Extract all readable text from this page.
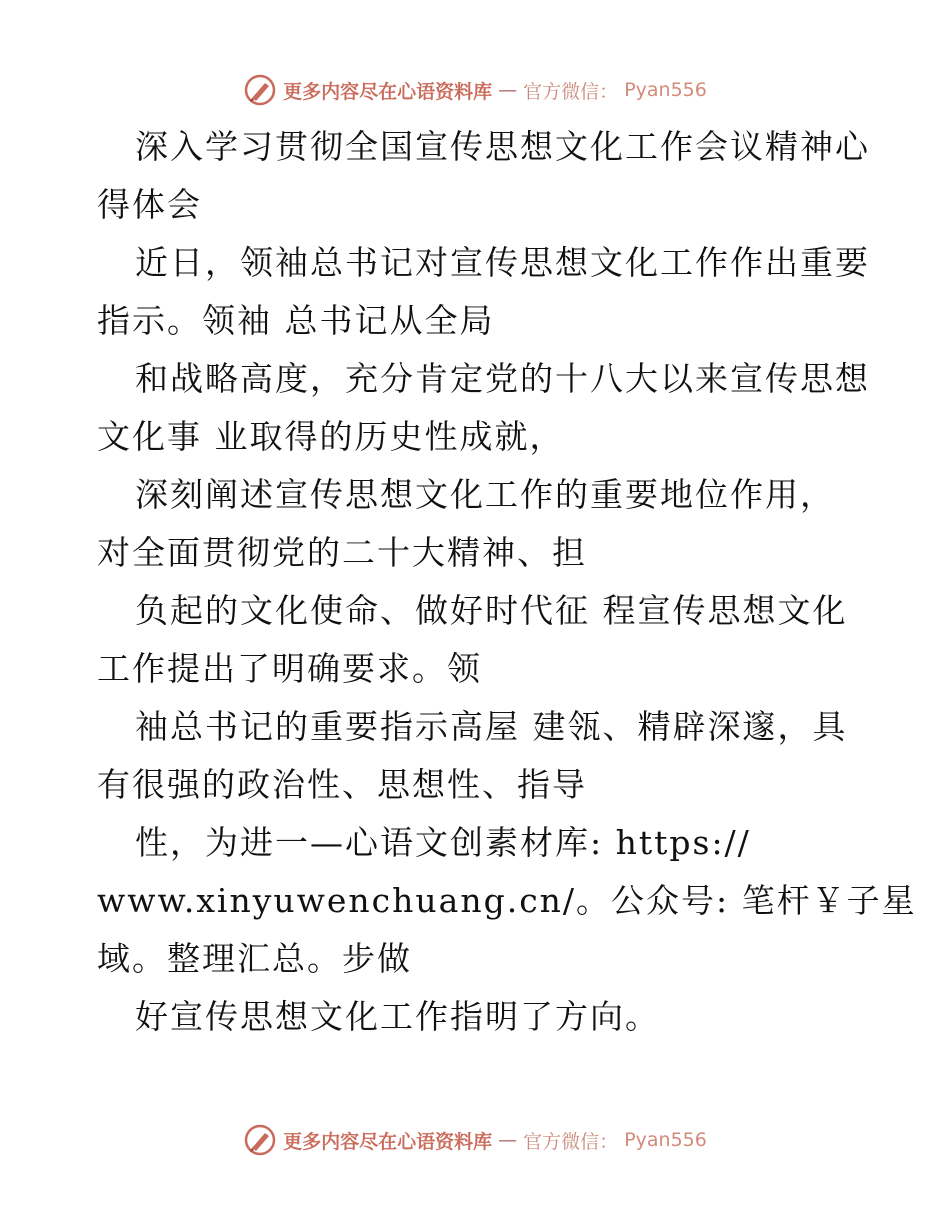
更多内容尽在心语资料库 — 官方微信： Pyan556
深入学习贯彻全国宣传思想文化工作会议精神心
得体会
近日，领袖总书记对宣传思想文化工作作出重要
指示。领袖 总书记从全局
和战略高度，充分肯定党的十八大以来宣传思想
文化事 业取得的历史性成就，
深刻阐述宣传思想文化工作的重要地位作用，
对全面贯彻党的二十大精神、担
负起的文化使命、做好时代征 程宣传思想文化
工作提出了明确要求。领
袖总书记的重要指示高屋 建瓴、精辟深邃，具
有很强的政治性、思想性、指导
性，为进一—心语文创素材库: https://
www.xinyuwenchuang.cn/。公众号: 笔杆￥子星
域。整理汇总。步做
好宣传思想文化工作指明了方向。
更多内容尽在心语资料库 — 官方微信： Pyan556
